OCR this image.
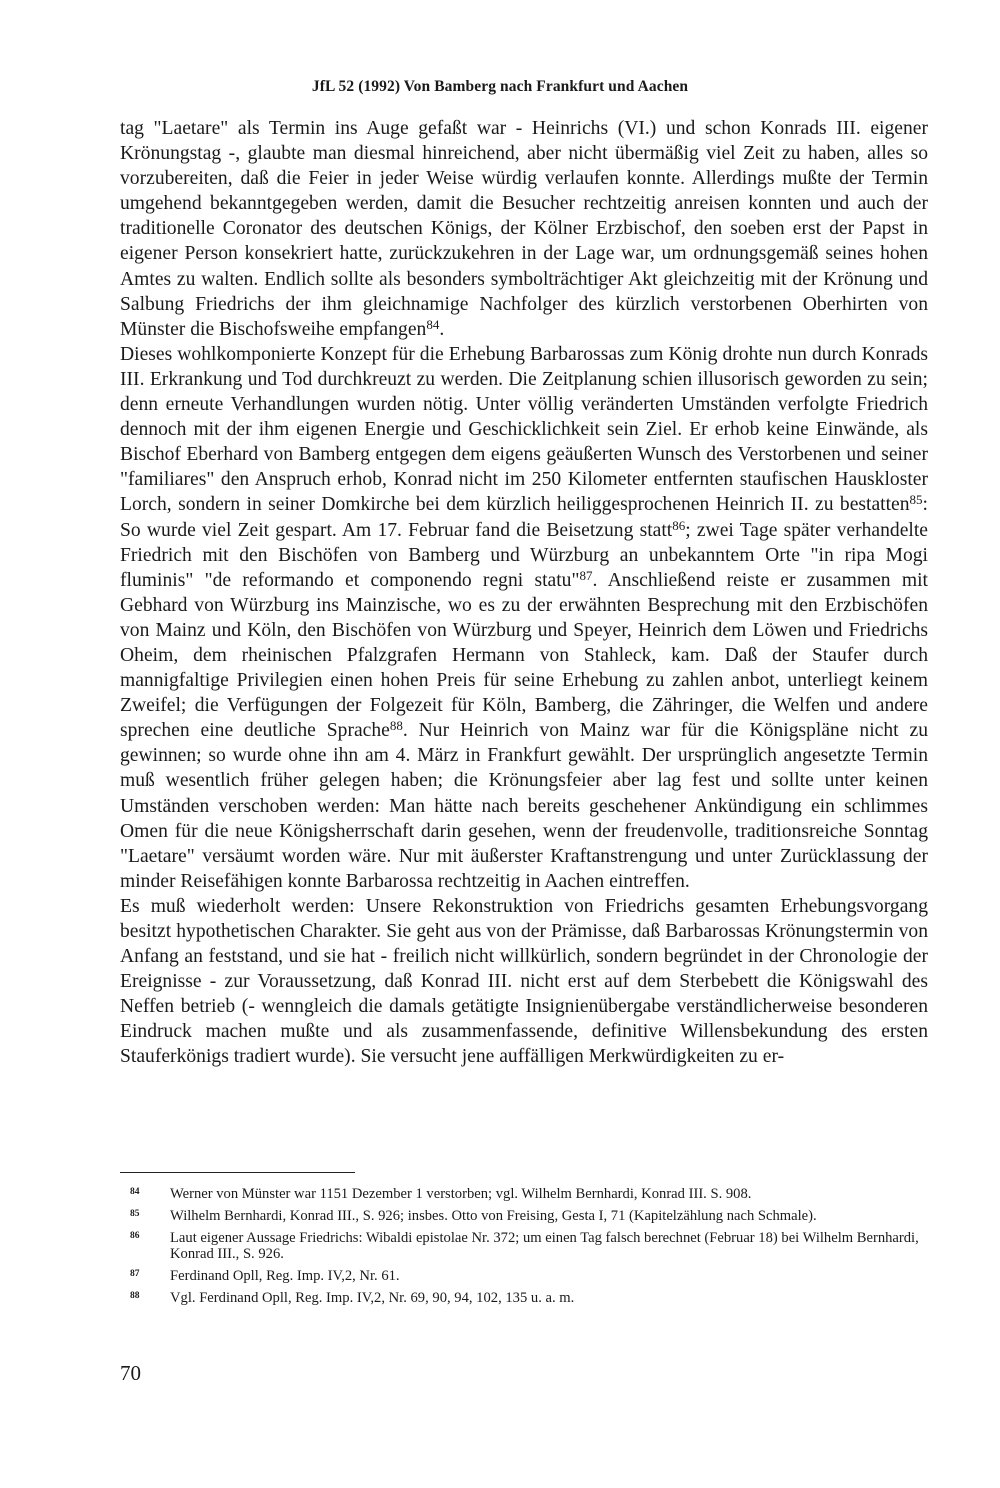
JfL 52 (1992) Von Bamberg nach Frankfurt und Aachen

tag "Laetare" als Termin ins Auge gefaßt war - Heinrichs (VI.) und schon Konrads III. eigener Krönungstag -, glaubte man diesmal hinreichend, aber nicht übermäßig viel Zeit zu haben, alles so vorzubereiten, daß die Feier in jeder Weise würdig verlaufen konnte. Allerdings mußte der Termin umgehend bekanntgegeben werden, damit die Besucher rechtzeitig anreisen konnten und auch der traditionelle Coronator des deutschen Königs, der Kölner Erzbischof, den soeben erst der Papst in eigener Person konsekriert hatte, zurückzukehren in der Lage war, um ordnungsgemäß seines hohen Amtes zu walten. Endlich sollte als besonders symbolträchtiger Akt gleichzeitig mit der Krönung und Salbung Friedrichs der ihm gleichnamige Nachfolger des kürzlich verstorbenen Oberhirten von Münster die Bischofsweihe empfangen$^{84}$.

Dieses wohlkomponierte Konzept für die Erhebung Barbarossas zum König drohte nun durch Konrads III. Erkrankung und Tod durchkreuzt zu werden. Die Zeitplanung schien illusorisch geworden zu sein; denn erneute Verhandlungen wurden nötig. Unter völlig veränderten Umständen verfolgte Friedrich dennoch mit der ihm eigenen Energie und Geschicklichkeit sein Ziel. Er erhob keine Einwände, als Bischof Eberhard von Bamberg entgegen dem eigens geäußerten Wunsch des Verstorbenen und seiner "familiares" den Anspruch erhob, Konrad nicht im 250 Kilometer entfernten staufischen Hauskloster Lorch, sondern in seiner Domkirche bei dem kürzlich heiliggesprochenen Heinrich II. zu bestatten$^{85}$: So wurde viel Zeit gespart. Am 17. Februar fand die Beisetzung statt$^{86}$; zwei Tage später verhandelte Friedrich mit den Bischöfen von Bamberg und Würzburg an unbekanntem Orte "in ripa Mogi fluminis" "de reformando et componendo regni statu"$^{87}$. Anschließend reiste er zusammen mit Gebhard von Würzburg ins Mainzische, wo es zu der erwähnten Besprechung mit den Erzbischöfen von Mainz und Köln, den Bischöfen von Würzburg und Speyer, Heinrich dem Löwen und Friedrichs Oheim, dem rheinischen Pfalzgrafen Hermann von Stahleck, kam. Daß der Staufer durch mannigfaltige Privilegien einen hohen Preis für seine Erhebung zu zahlen anbot, unterliegt keinem Zweifel; die Verfügungen der Folgezeit für Köln, Bamberg, die Zähringer, die Welfen und andere sprechen eine deutliche Sprache$^{88}$. Nur Heinrich von Mainz war für die Königspläne nicht zu gewinnen; so wurde ohne ihn am 4. März in Frankfurt gewählt. Der ursprünglich angesetzte Termin muß wesentlich früher gelegen haben; die Krönungsfeier aber lag fest und sollte unter keinen Umständen verschoben werden: Man hätte nach bereits geschehener Ankündigung ein schlimmes Omen für die neue Königsherrschaft darin gesehen, wenn der freudenvolle, traditionsreiche Sonntag "Laetare" versäumt worden wäre. Nur mit äußerster Kraftanstrengung und unter Zurücklassung der minder Reisefähigen konnte Barbarossa rechtzeitig in Aachen eintreffen.

Es muß wiederholt werden: Unsere Rekonstruktion von Friedrichs gesamten Erhebungsvorgang besitzt hypothetischen Charakter. Sie geht aus von der Prämisse, daß Barbarossas Krönungstermin von Anfang an feststand, und sie hat - freilich nicht willkürlich, sondern begründet in der Chronologie der Ereignisse - zur Voraussetzung, daß Konrad III. nicht erst auf dem Sterbebett die Königswahl des Neffen betrieb (- wenngleich die damals getätigte Insignienübergabe verständlicherweise besonderen Eindruck machen mußte und als zusammenfassende, definitive Willensbekundung des ersten Stauferkönigs tradiert wurde). Sie versucht jene auffälligen Merkwürdigkeiten zu er-

84	Werner von Münster war 1151 Dezember 1 verstorben; vgl. Wilhelm Bernhardi, Konrad III. S. 908.
85	Wilhelm Bernhardi, Konrad III., S. 926; insbes. Otto von Freising, Gesta I, 71 (Kapitelzählung nach Schmale).
86	Laut eigener Aussage Friedrichs: Wibaldi epistolae Nr. 372; um einen Tag falsch berechnet (Februar 18) bei Wilhelm Bernhardi, Konrad III., S. 926.
87	Ferdinand Opll, Reg. Imp. IV,2, Nr. 61.
88	Vgl. Ferdinand Opll, Reg. Imp. IV,2, Nr. 69, 90, 94, 102, 135 u. a. m.
70
